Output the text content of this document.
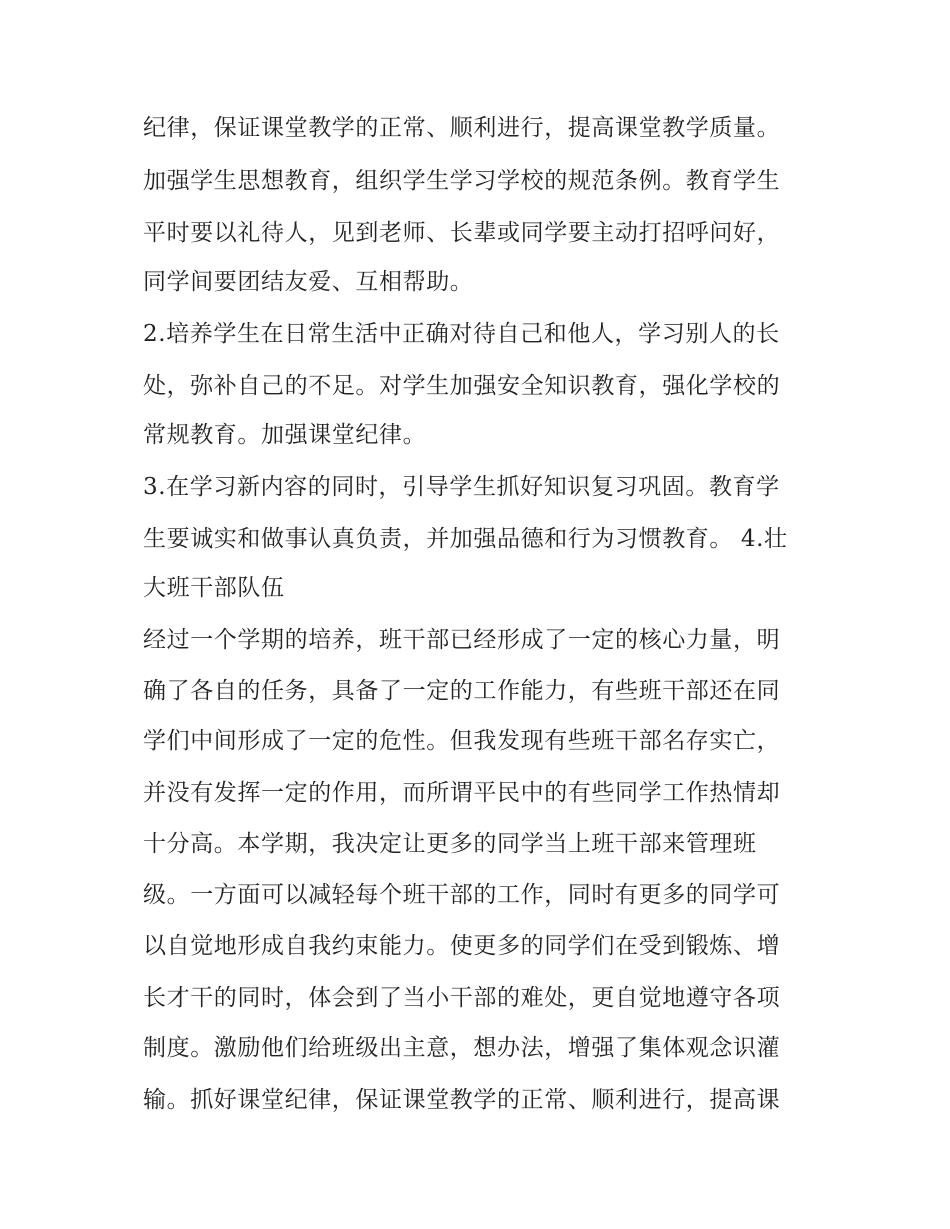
纪律，保证课堂教学的正常、顺利进行，提高课堂教学质量。

加强学生思想教育，组织学生学习学校的规范条例。教育学生

平时要以礼待人，见到老师、长辈或同学要主动打招呼问好，

同学间要团结友爱、互相帮助。

2.培养学生在日常生活中正确对待自己和他人，学习别人的长

处，弥补自己的不足。对学生加强安全知识教育，强化学校的

常规教育。加强课堂纪律。

3.在学习新内容的同时，引导学生抓好知识复习巩固。教育学

生要诚实和做事认真负责，并加强品德和行为习惯教育。 4.壮

大班干部队伍

经过一个学期的培养，班干部已经形成了一定的核心力量，明

确了各自的任务，具备了一定的工作能力，有些班干部还在同

学们中间形成了一定的危性。但我发现有些班干部名存实亡，

并没有发挥一定的作用，而所谓平民中的有些同学工作热情却

十分高。本学期，我决定让更多的同学当上班干部来管理班

级。一方面可以减轻每个班干部的工作，同时有更多的同学可

以自觉地形成自我约束能力。使更多的同学们在受到锻炼、增

长才干的同时，体会到了当小干部的难处，更自觉地遵守各项

制度。激励他们给班级出主意，想办法，增强了集体观念识灌

输。抓好课堂纪律，保证课堂教学的正常、顺利进行，提高课
